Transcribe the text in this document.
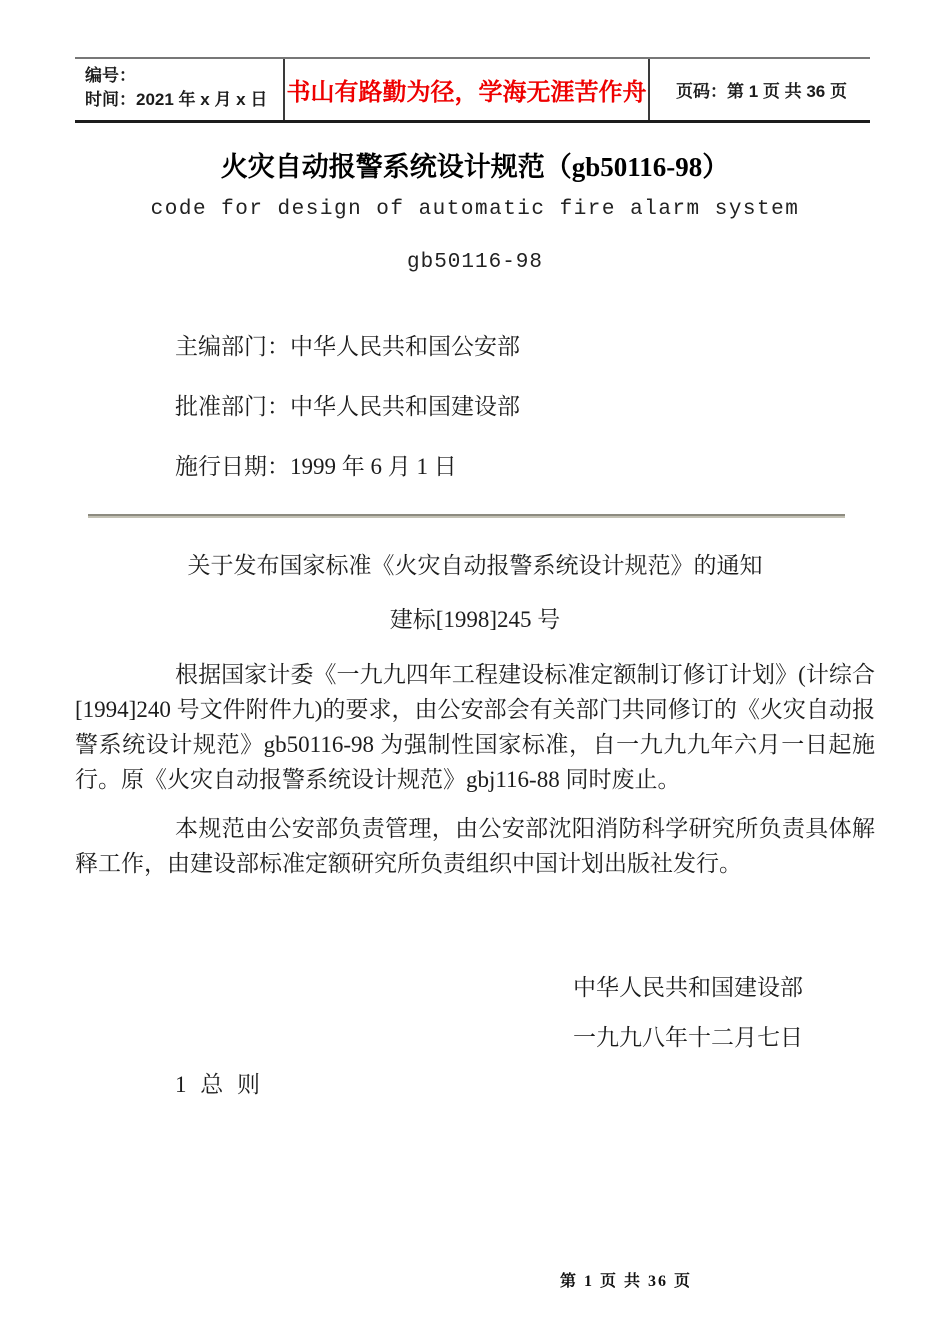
编号：
时间：2021 年 x 月 x 日 书山有路勤为径，学海无涯苦作舟 页码：第 1 页 共 36 页
火灾自动报警系统设计规范（gb50116-98）

code for design of automatic fire alarm system

gb50116-98

主编部门：中华人民共和国公安部

批准部门：中华人民共和国建设部

施行日期：1999 年 6 月 1 日

关于发布国家标准《火灾自动报警系统设计规范》的通知

建标[1998]245 号

根据国家计委《一九九四年工程建设标准定额制订修订计划》(计综合[1994]240 号文件附件九)的要求，由公安部会有关部门共同修订的《火灾自动报警系统设计规范》gb50116-98 为强制性国家标准，自一九九九年六月一日起施行。原《火灾自动报警系统设计规范》gbj116-88 同时废止。

本规范由公安部负责管理，由公安部沈阳消防科学研究所负责具体解释工作，由建设部标准定额研究所负责组织中国计划出版社发行。

中华人民共和国建设部

一九九八年十二月七日

1 总 则

第 1 页 共 36 页
